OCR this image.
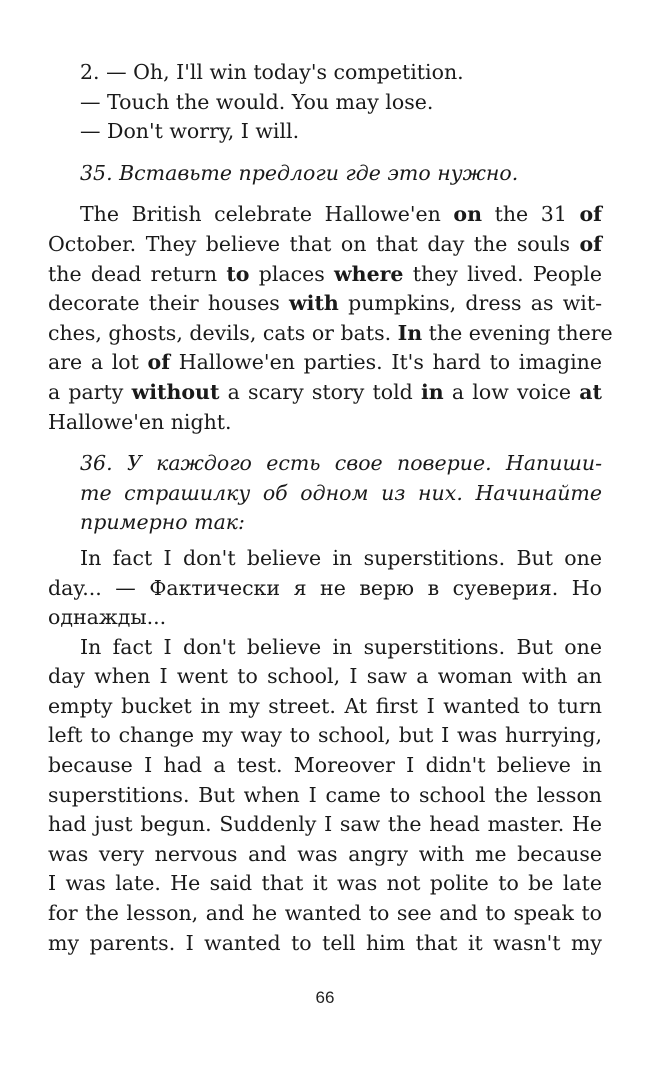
2. — Oh, I'll win today's competition.
— Touch the would. You may lose.
— Don't worry, I will.
35. Вставьте предлоги где это нужно.
The British celebrate Hallowe'en on the 31 of
October. They believe that on that day the souls of
the dead return to places where they lived. People
decorate their houses with pumpkins, dress as wit-
ches, ghosts, devils, cats or bats. In the evening there
are a lot of Hallowe'en parties. It's hard to imagine
a party without a scary story told in a low voice at
Hallowe'en night.
36. У каждого есть свое поверие. Напиши-
те страшилку об одном из них. Начинайте
примерно так:
In fact I don't believe in superstitions. But one
day... — Фактически я не верю в суеверия. Но
однажды...
In fact I don't believe in superstitions. But one
day when I went to school, I saw a woman with an
empty bucket in my street. At first I wanted to turn
left to change my way to school, but I was hurrying,
because I had a test. Moreover I didn't believe in
superstitions. But when I came to school the lesson
had just begun. Suddenly I saw the head master. He
was very nervous and was angry with me because
I was late. He said that it was not polite to be late
for the lesson, and he wanted to see and to speak to
my parents. I wanted to tell him that it wasn't my
66
